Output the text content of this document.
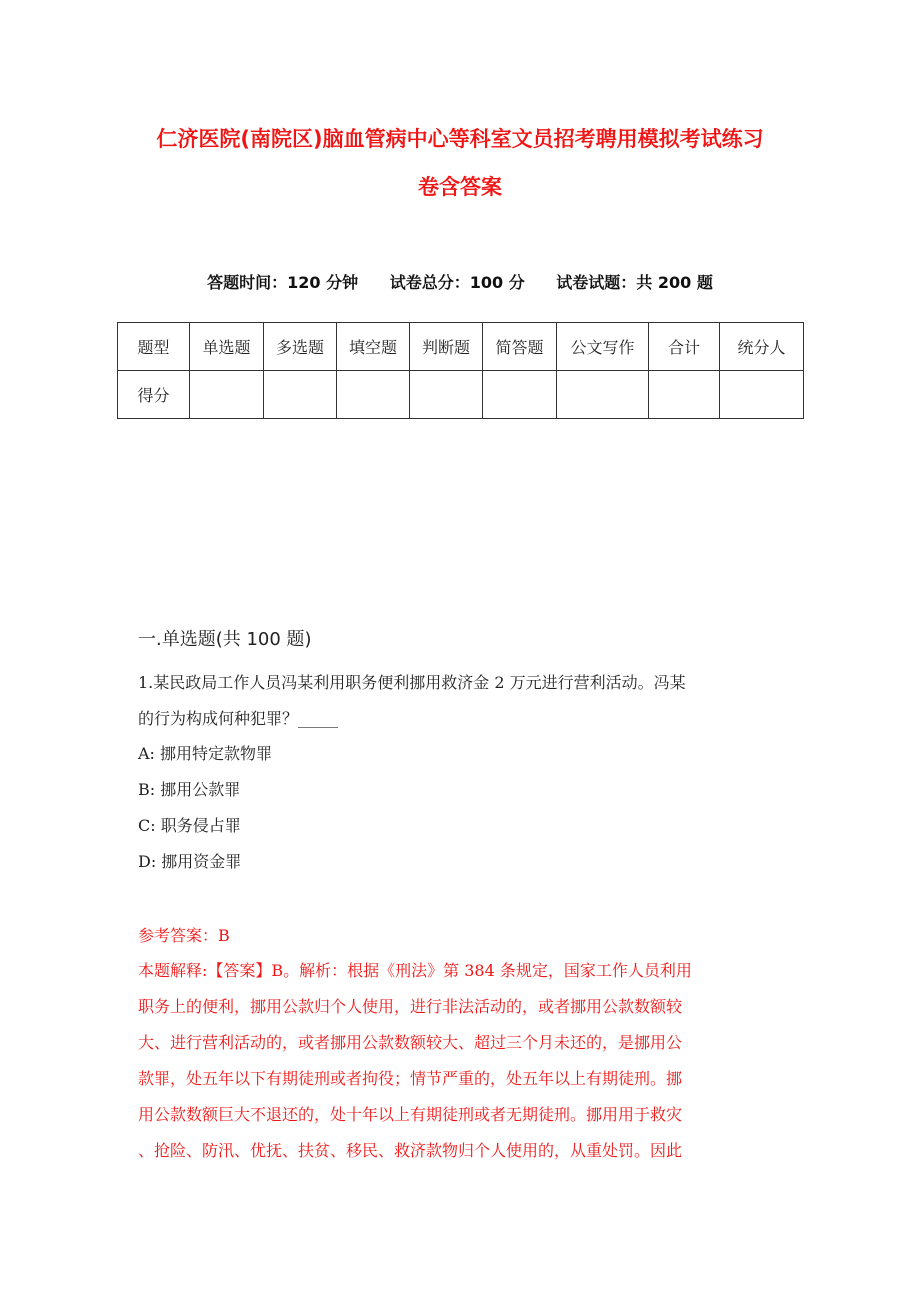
仁济医院(南院区)脑血管病中心等科室文员招考聘用模拟考试练习
卷含答案
答题时间：120 分钟 试卷总分：100 分 试卷试题：共 200 题
题型	单选题	多选题	填空题	判断题	简答题	公文写作	合计	统分人
得分								
一.单选题(共 100 题)
1.某民政局工作人员冯某利用职务便利挪用救济金 2 万元进行营利活动。冯某
的行为构成何种犯罪？_____
A: 挪用特定款物罪
B: 挪用公款罪
C: 职务侵占罪
D: 挪用资金罪
参考答案：B
本题解释:【答案】B。解析：根据《刑法》第 384 条规定，国家工作人员利用
职务上的便利，挪用公款归个人使用，进行非法活动的，或者挪用公款数额较
大、进行营利活动的，或者挪用公款数额较大、超过三个月未还的，是挪用公
款罪，处五年以下有期徒刑或者拘役；情节严重的，处五年以上有期徒刑。挪
用公款数额巨大不退还的，处十年以上有期徒刑或者无期徒刑。挪用用于救灾
、抢险、防汛、优抚、扶贫、移民、救济款物归个人使用的，从重处罚。因此
